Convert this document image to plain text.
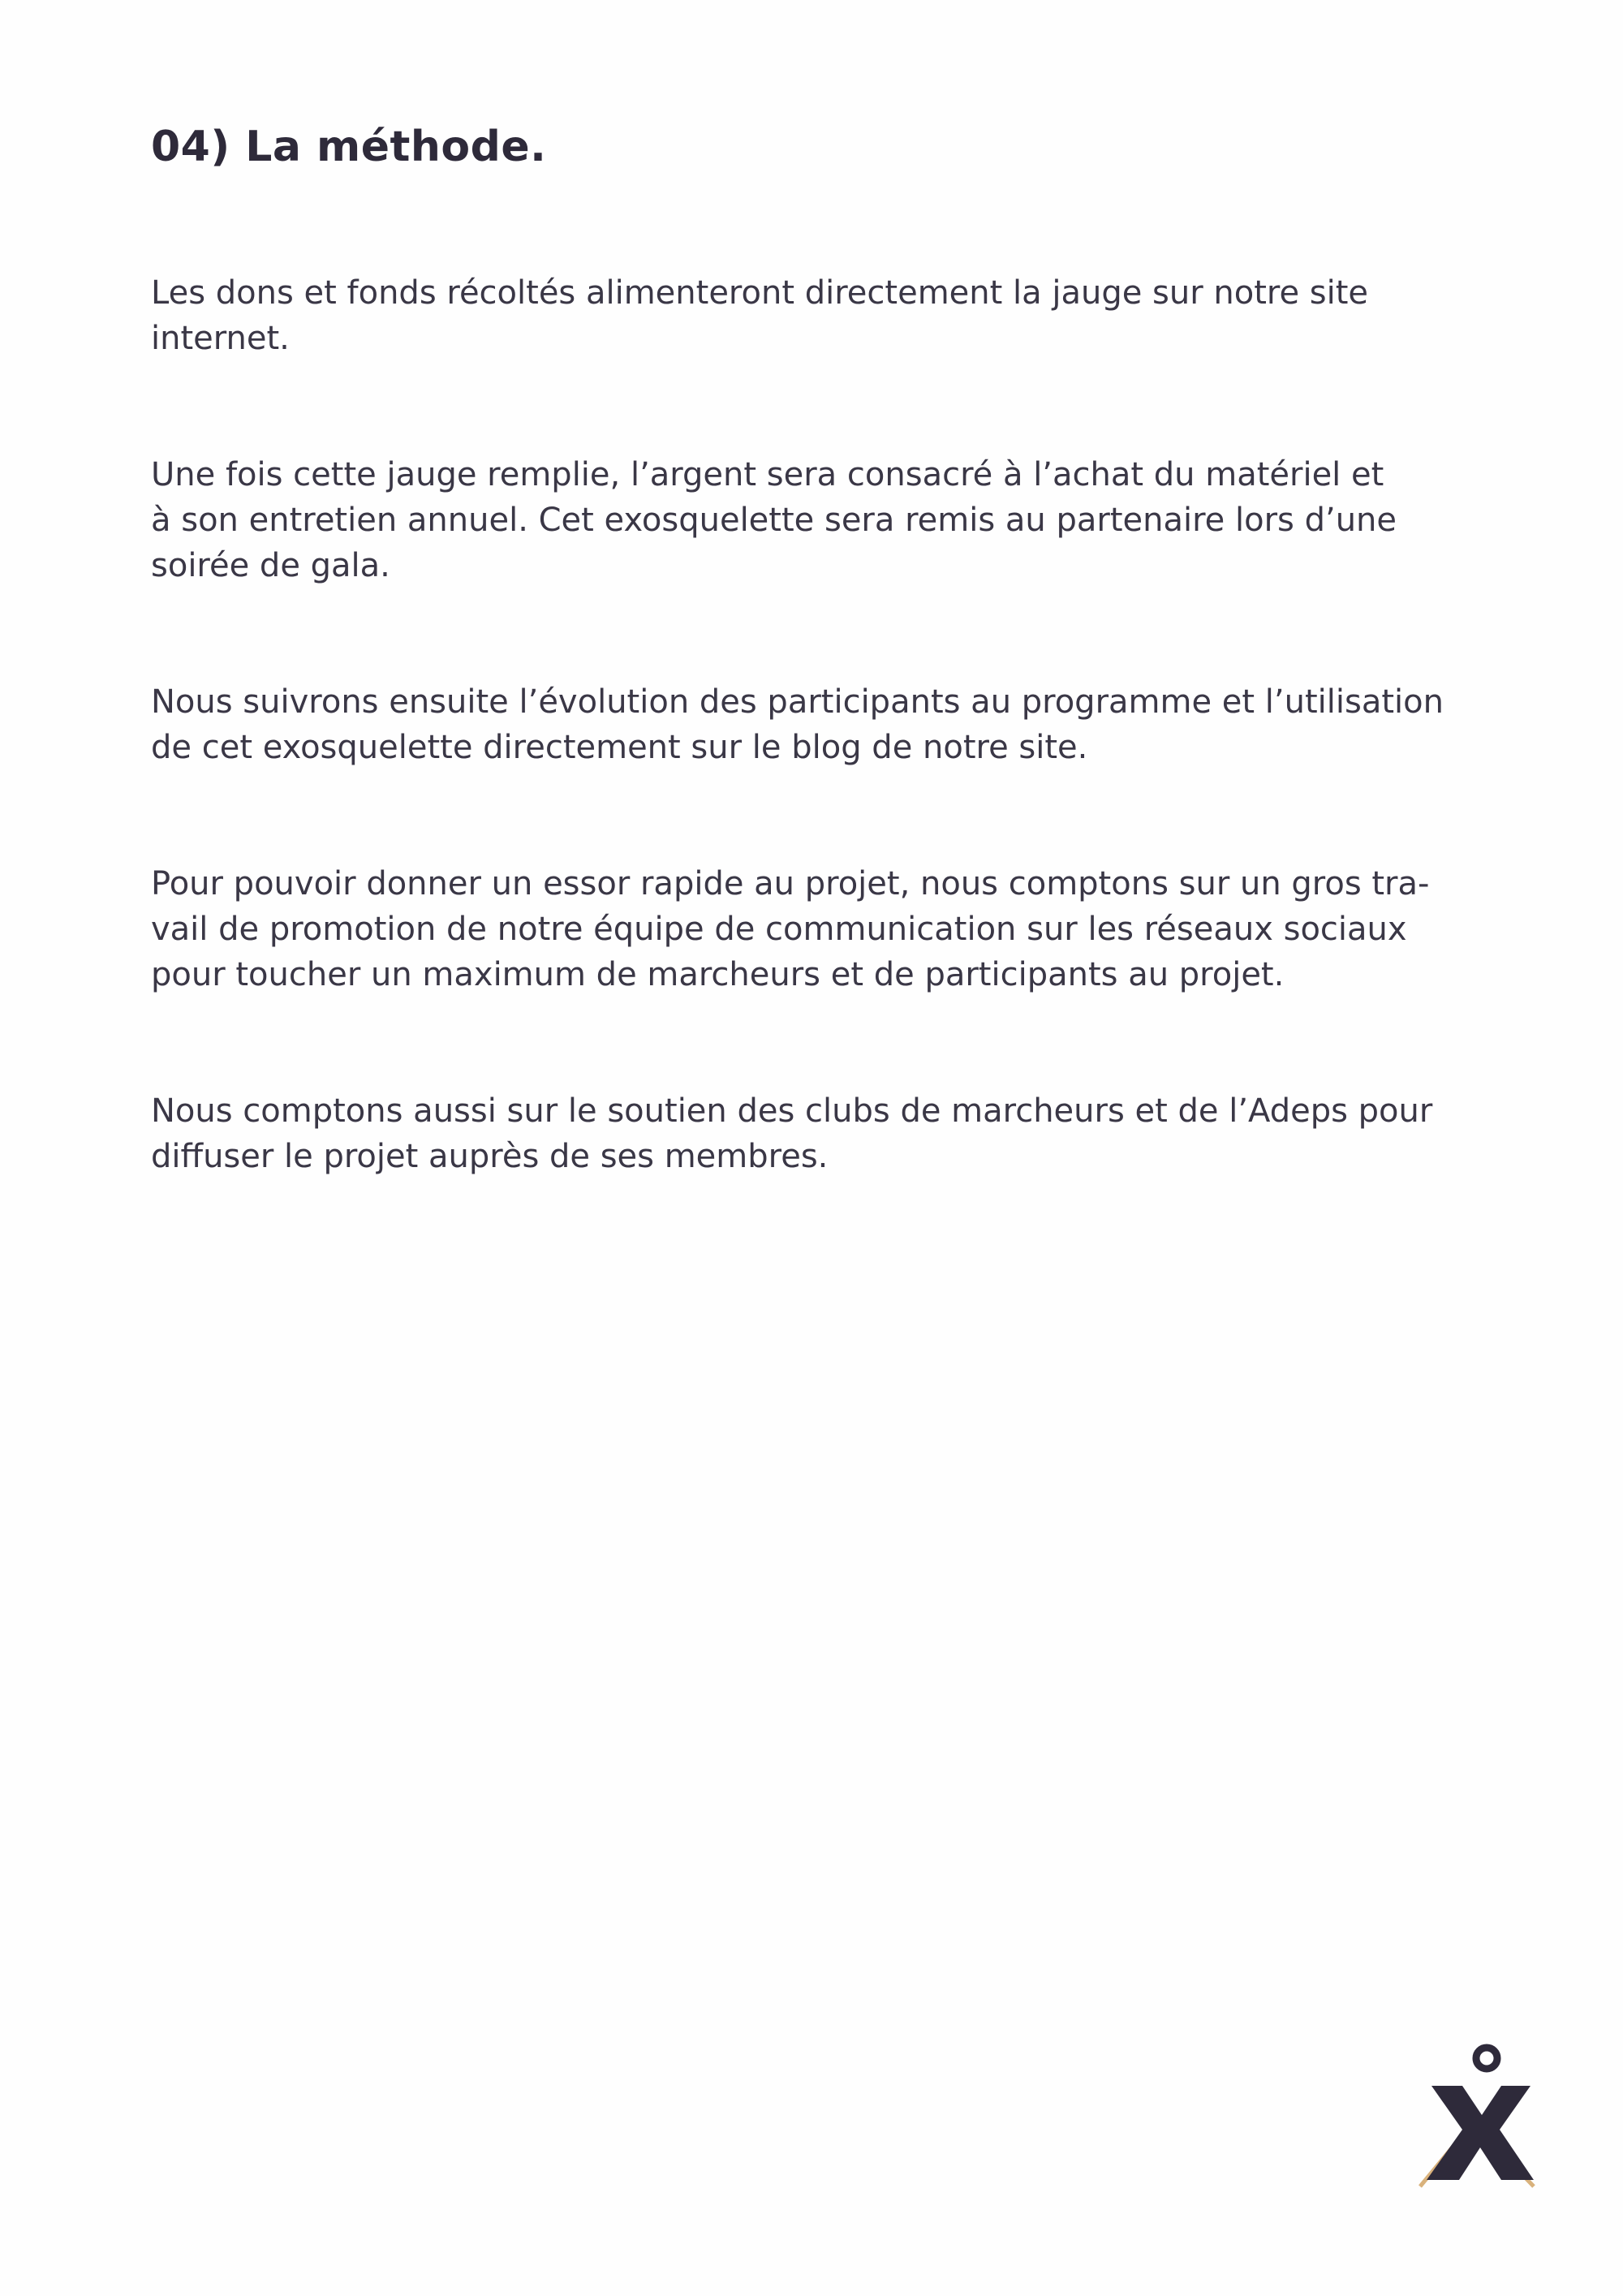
04) La méthode.

Les dons et fonds récoltés alimenteront directement la jauge sur notre site
internet.

Une fois cette jauge remplie, l’argent sera consacré à l’achat du matériel et
à son entretien annuel. Cet exosquelette sera remis au partenaire lors d’une
soirée de gala.

Nous suivrons ensuite l’évolution des participants au programme et l’utilisation
de cet exosquelette directement sur le blog de notre site.

Pour pouvoir donner un essor rapide au projet, nous comptons sur un gros tra-
vail de promotion de notre équipe de communication sur les réseaux sociaux
pour toucher un maximum de marcheurs et de participants au projet.

Nous comptons aussi sur le soutien des clubs de marcheurs et de l’Adeps pour
diffuser le projet auprès de ses membres.
